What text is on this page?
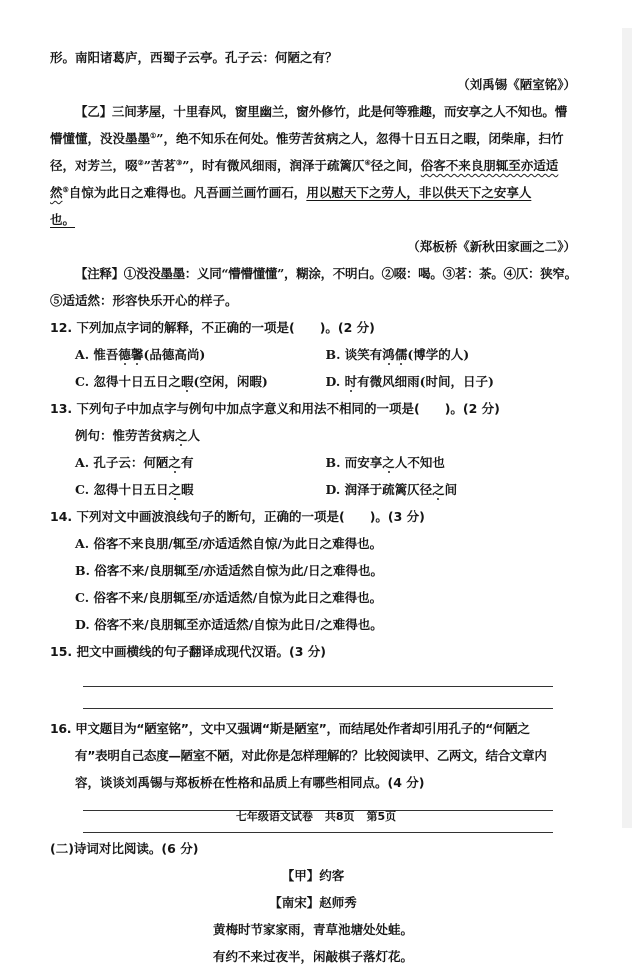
形。南阳诸葛庐，西蜀子云亭。孔子云：何陋之有？
（刘禹锡《陋室铭》）
【乙】三间茅屋，十里春风，窗里幽兰，窗外修竹，此是何等雅趣，而安享之人不知也。懵
懵懂懂，没没墨墨①”，绝不知乐在何处。惟劳苦贫病之人，忽得十日五日之暇，闭柴扉，扫竹
径，对芳兰，啜②”苦茗③”，时有微风细雨，润泽于疏篱仄④径之间，俗客不来良朋辄至亦适适
然⑤自惊为此日之难得也。凡吾画兰画竹画石，用以慰天下之劳人，非以供天下之安享人
也。
（郑板桥《新秋田家画之二》）
【注释】①没没墨墨：义同“懵懵懂懂”，糊涂，不明白。②啜：喝。③茗：茶。④仄：狭窄。
⑤适适然：形容快乐开心的样子。
12. 下列加点字词的解释，不正确的一项是(　　)。(2 分)
A. 惟吾德馨(品德高尚)	B. 谈笑有鸿儒(博学的人)
C. 忽得十日五日之暇(空闲，闲暇)	D. 时有微风细雨(时间，日子)
13. 下列句子中加点字与例句中加点字意义和用法不相同的一项是(　　)。(2 分)
例句：惟劳苦贫病之人
A. 孔子云：何陋之有	B. 而安享之人不知也
C. 忽得十日五日之暇	D. 润泽于疏篱仄径之间
14. 下列对文中画波浪线句子的断句，正确的一项是(　　)。(3 分)
A. 俗客不来良朋/辄至/亦适适然自惊/为此日之难得也。
B. 俗客不来/良朋辄至/亦适适然自惊为此/日之难得也。
C. 俗客不来/良朋辄至/亦适适然/自惊为此日之难得也。
D. 俗客不来/良朋辄至亦适适然/自惊为此日/之难得也。
15. 把文中画横线的句子翻译成现代汉语。(3 分)
16. 甲文题目为“陋室铭”，文中又强调“斯是陋室”，而结尾处作者却引用孔子的“何陋之
有”表明自己态度—陋室不陋，对此你是怎样理解的？比较阅读甲、乙两文，结合文章内
容，谈谈刘禹锡与郑板桥在性格和品质上有哪些相同点。(4 分)
(二)诗词对比阅读。(6 分)
【甲】约客
【南宋】赵师秀
黄梅时节家家雨，青草池塘处处蛙。
有约不来过夜半，闲敲棋子落灯花。
七年级语文试卷 共8页 第5页
